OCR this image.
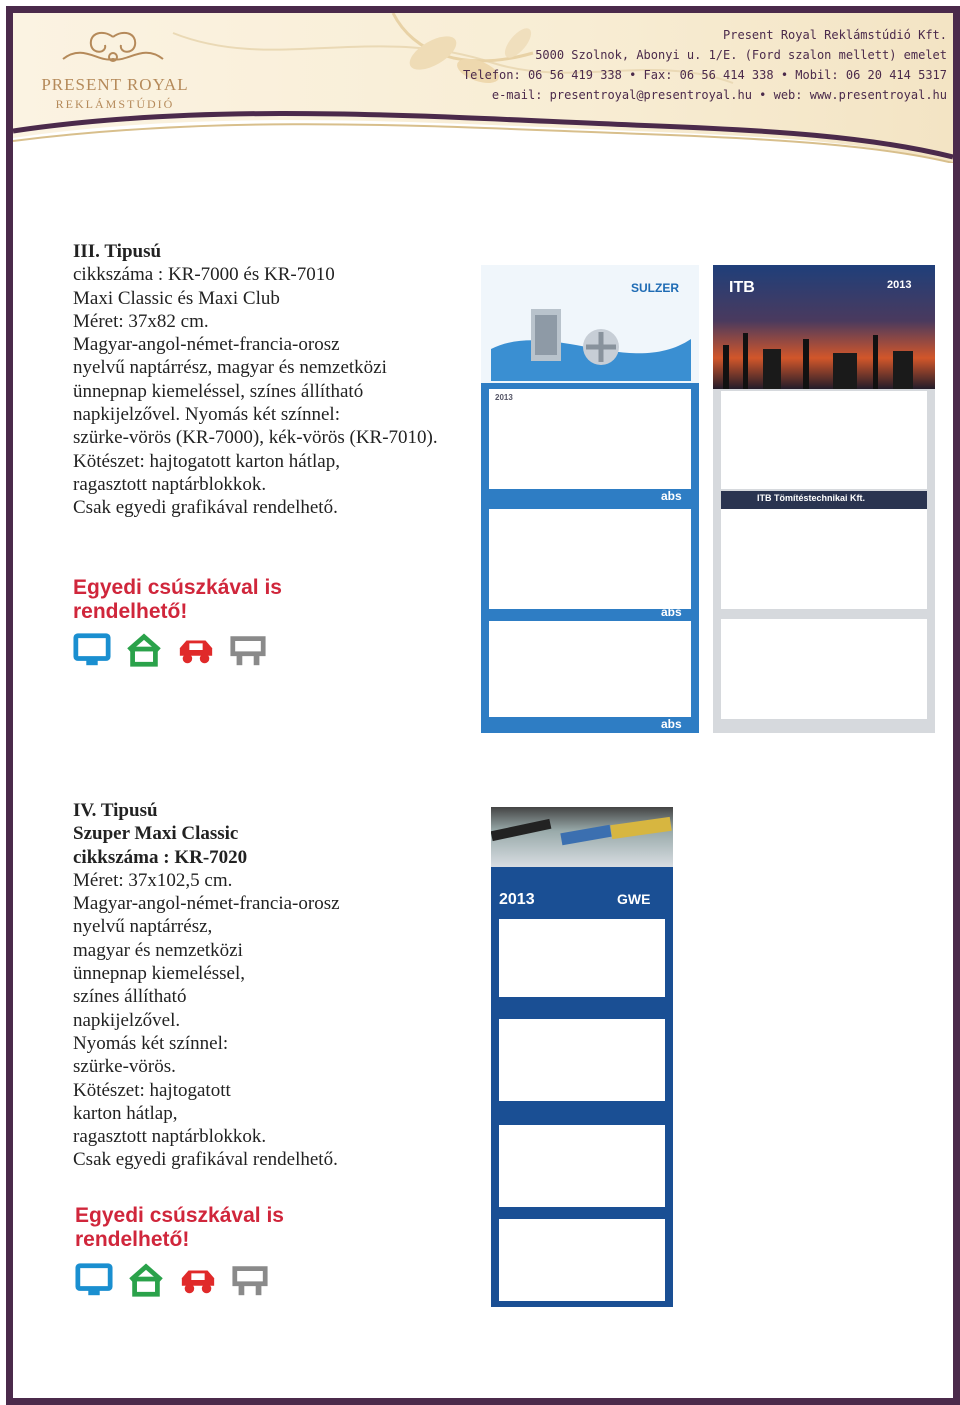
PRESENT ROYAL
REKLÁMSTÚDIÓ
Present Royal Reklámstúdió Kft.
5000 Szolnok, Abonyi u. 1/E. (Ford szalon mellett) emelet
Telefon: 06 56 419 338 • Fax: 06 56 414 338 • Mobil: 06 20 414 5317
e-mail: presentroyal@presentroyal.hu • web: www.presentroyal.hu
III. Tipusú
cikkszáma : KR-7000 és KR-7010
Maxi Classic és Maxi Club
Méret: 37x82 cm.
Magyar-angol-német-francia-orosz
nyelvű naptárrész, magyar és nemzetközi
ünnepnap kiemeléssel, színes állítható
napkijelzővel. Nyomás két színnel:
szürke-vörös (KR-7000), kék-vörös (KR-7010).
Kötészet: hajtogatott karton hátlap,
ragasztott naptárblokkok.
Csak egyedi grafikával rendelhető.
Egyedi csúszkával is
rendelhető!
SULZER
abs
abs
abs
2013
ITB	2013
ITB Tömítéstechnikai Kft.
IV. Tipusú
Szuper Maxi Classic
cikkszáma : KR-7020
Méret: 37x102,5 cm.
Magyar-angol-német-francia-orosz
nyelvű naptárrész,
magyar és nemzetközi
ünnepnap kiemeléssel,
színes állítható
napkijelzővel.
Nyomás két színnel:
szürke-vörös.
Kötészet: hajtogatott
karton hátlap,
ragasztott naptárblokkok.
Csak egyedi grafikával rendelhető.
Egyedi csúszkával is
rendelhető!
2013	GWE
